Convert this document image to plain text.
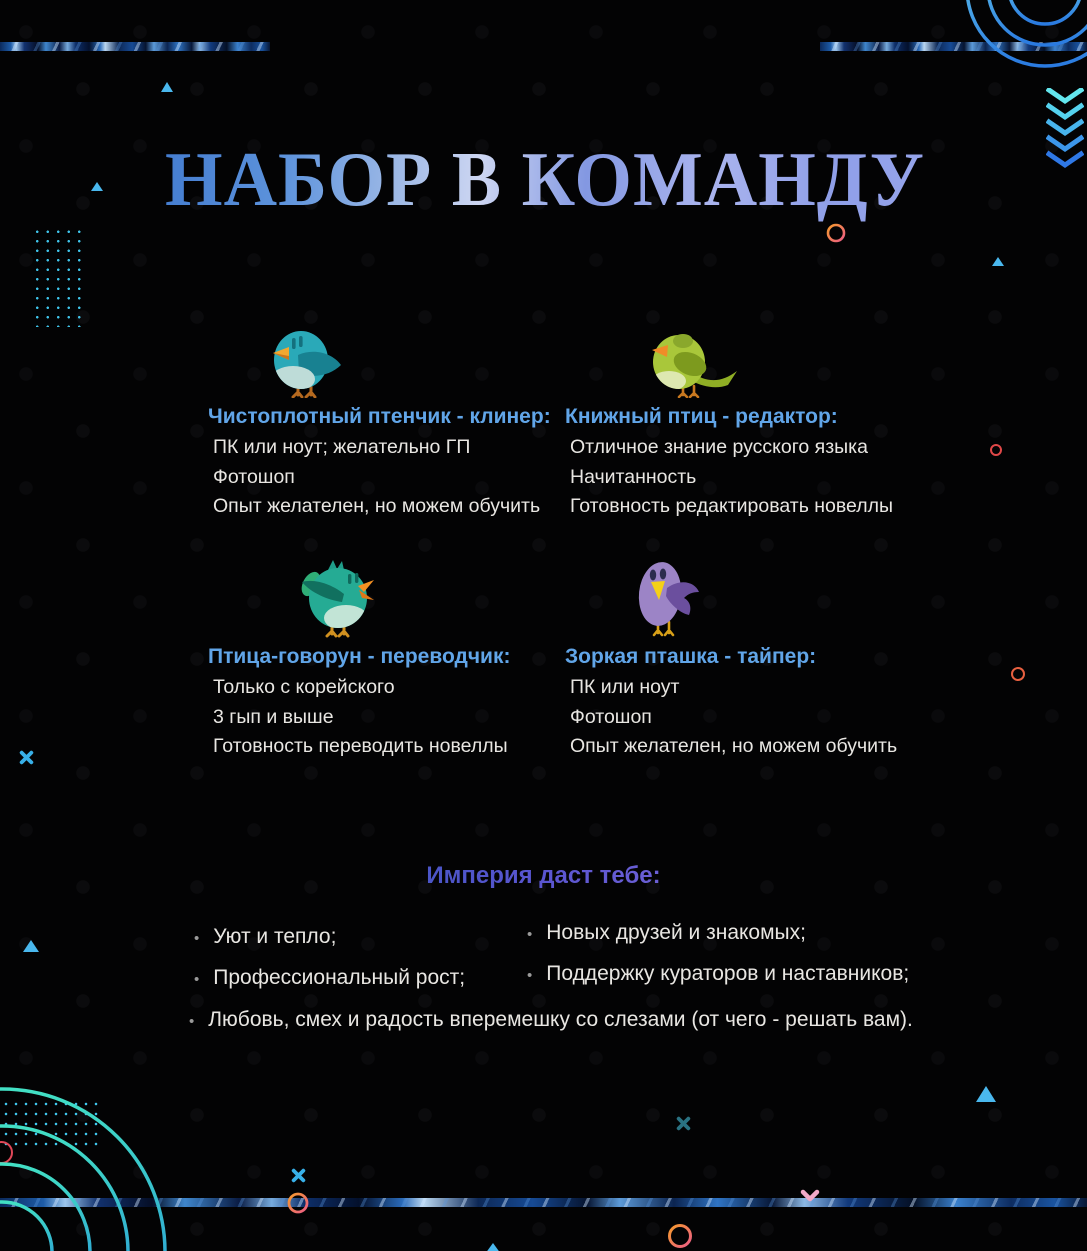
НАБОР В КОМАНДУ
Чистоплотный птенчик - клинер:

ПК или ноут; желательно ГП

Фотошоп

Опыт желателен, но можем обучить

Книжный птиц - редактор:

Отличное знание русского языка

Начитанность

Готовность редактировать новеллы

Птица-говорун - переводчик:

Только с корейского

3 гып и выше

Готовность переводить новеллы

Зоркая пташка - тайпер:

ПК или ноут

Фотошоп

Опыт желателен, но можем обучить

Империя даст тебе:
• Уют и тепло;
• Профессиональный рост;
• Новых друзей и знакомых;
• Поддержку кураторов и наставников;
• Любовь, смех и радость вперемешку со слезами (от чего - решать вам).
